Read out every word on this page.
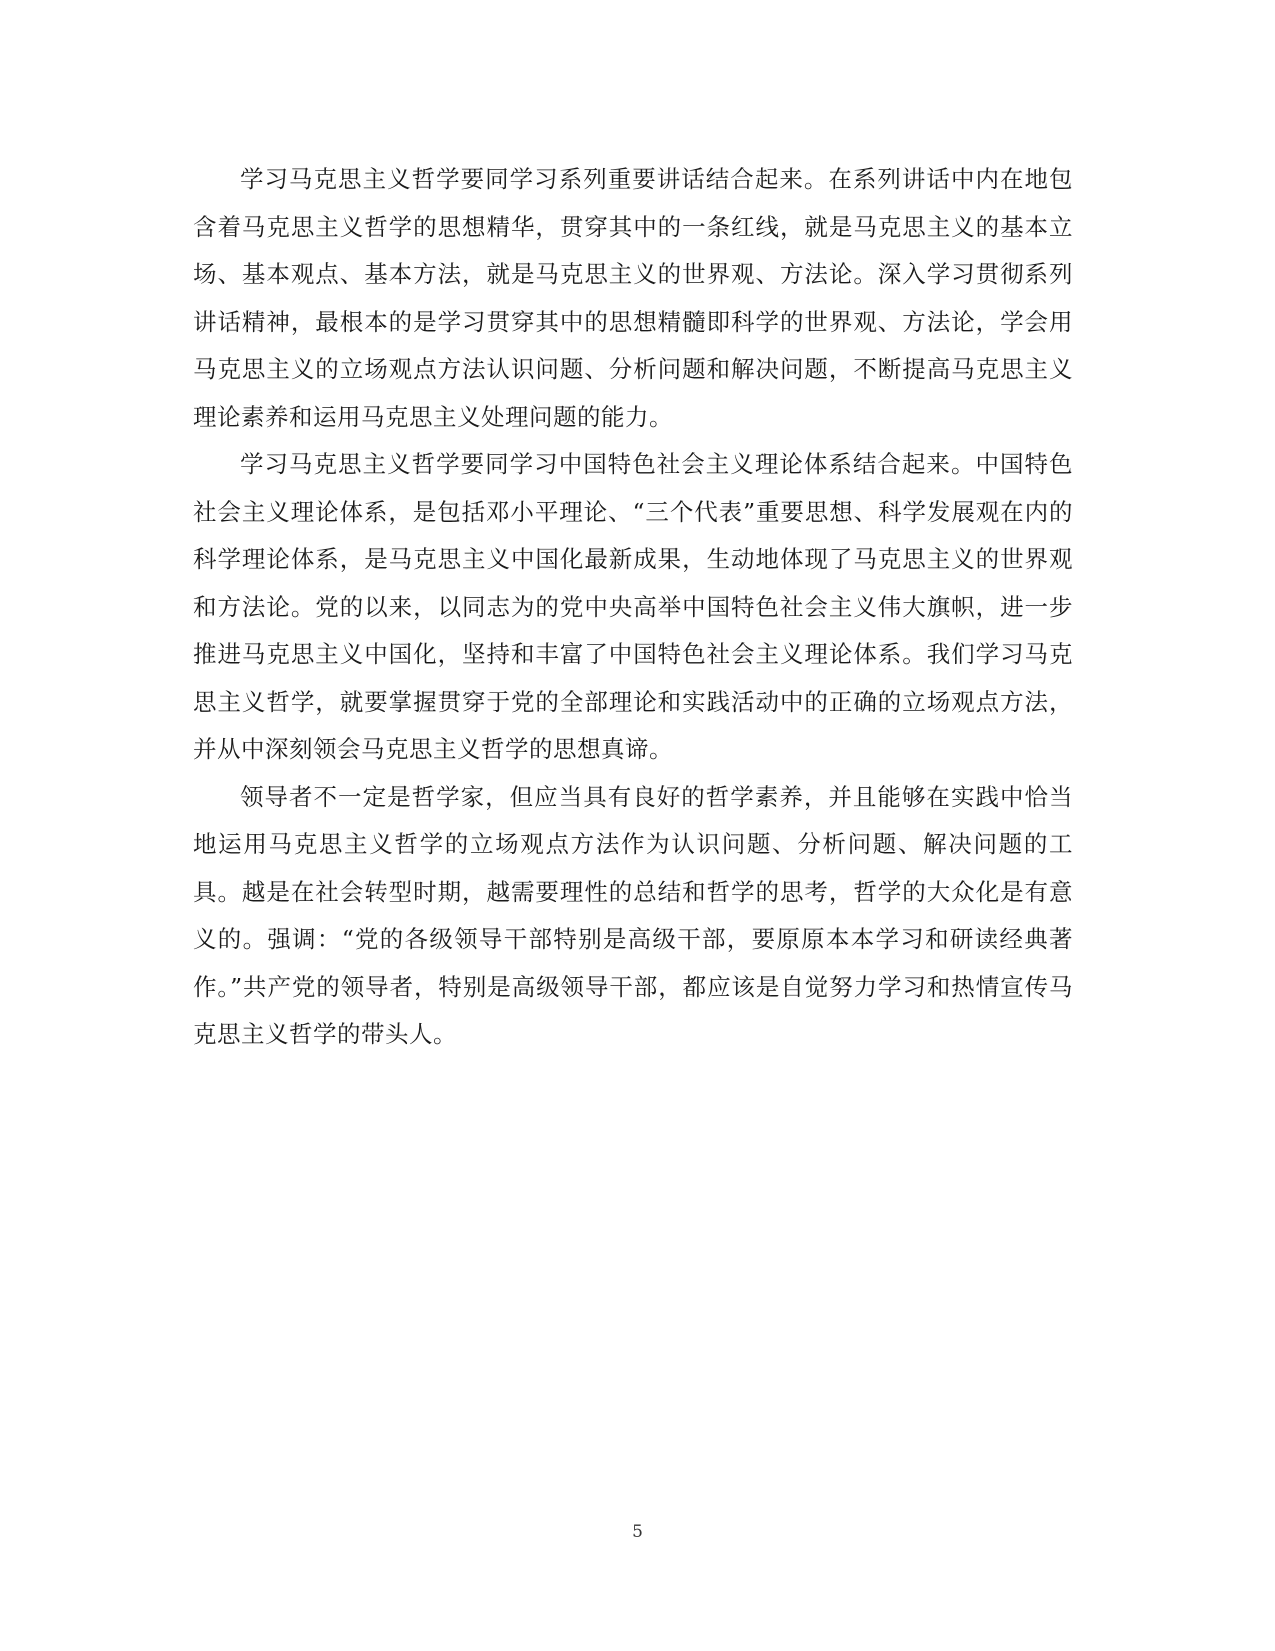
学习马克思主义哲学要同学习系列重要讲话结合起来。在系列讲话中内在地包含着马克思主义哲学的思想精华，贯穿其中的一条红线，就是马克思主义的基本立场、基本观点、基本方法，就是马克思主义的世界观、方法论。深入学习贯彻系列讲话精神，最根本的是学习贯穿其中的思想精髓即科学的世界观、方法论，学会用马克思主义的立场观点方法认识问题、分析问题和解决问题，不断提高马克思主义理论素养和运用马克思主义处理问题的能力。

学习马克思主义哲学要同学习中国特色社会主义理论体系结合起来。中国特色社会主义理论体系，是包括邓小平理论、“三个代表”重要思想、科学发展观在内的科学理论体系，是马克思主义中国化最新成果，生动地体现了马克思主义的世界观和方法论。党的以来，以同志为的党中央高举中国特色社会主义伟大旗帜，进一步推进马克思主义中国化，坚持和丰富了中国特色社会主义理论体系。我们学习马克思主义哲学，就要掌握贯穿于党的全部理论和实践活动中的正确的立场观点方法，并从中深刻领会马克思主义哲学的思想真谛。

领导者不一定是哲学家，但应当具有良好的哲学素养，并且能够在实践中恰当地运用马克思主义哲学的立场观点方法作为认识问题、分析问题、解决问题的工具。越是在社会转型时期，越需要理性的总结和哲学的思考，哲学的大众化是有意义的。强调：“党的各级领导干部特别是高级干部，要原原本本学习和研读经典著作。”共产党的领导者，特别是高级领导干部，都应该是自觉努力学习和热情宣传马克思主义哲学的带头人。

5
